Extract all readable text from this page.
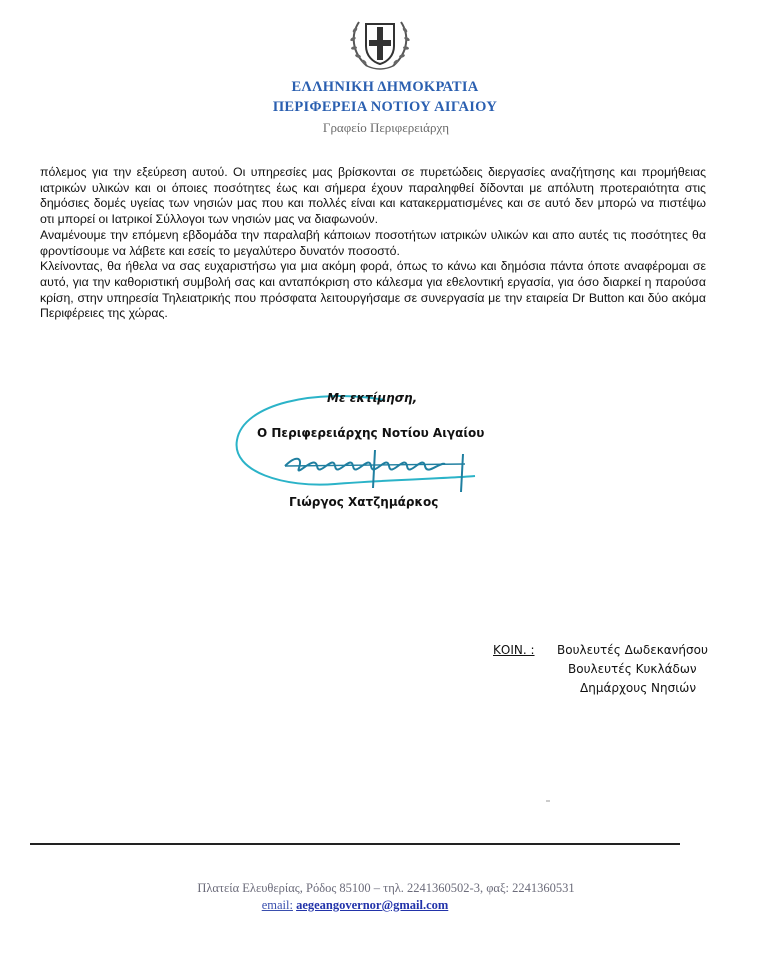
ΕΛΛΗΝΙΚΗ ΔΗΜΟΚΡΑΤΙΑ
ΠΕΡΙΦΕΡΕΙΑ ΝΟΤΙΟΥ ΑΙΓΑΙΟΥ
Γραφείο Περιφερειάρχη

πόλεμος για την εξεύρεση αυτού. Οι υπηρεσίες μας βρίσκονται σε πυρετώδεις διεργασίες αναζήτησης και προμήθειας ιατρικών υλικών και οι όποιες ποσότητες έως και σήμερα έχουν παραληφθεί δίδονται με απόλυτη προτεραιότητα στις δημόσιες δομές υγείας των νησιών μας που και πολλές είναι και κατακερματισμένες και σε αυτό δεν μπορώ να πιστέψω οτι μπορεί οι Ιατρικοί Σύλλογοι των νησιών μας να διαφωνούν.

Αναμένουμε την επόμενη εβδομάδα την παραλαβή κάποιων ποσοτήτων ιατρικών υλικών και απο αυτές τις ποσότητες θα φροντίσουμε να λάβετε και εσείς το μεγαλύτερο δυνατόν ποσοστό.

Κλείνοντας, θα ήθελα να σας ευχαριστήσω για μια ακόμη φορά, όπως το κάνω και δημόσια πάντα όποτε αναφέρομαι σε αυτό, για την καθοριστική συμβολή σας και ανταπόκριση στο κάλεσμα για εθελοντική εργασία, για όσο διαρκεί η παρούσα κρίση, στην υπηρεσία Τηλειατρικής που πρόσφατα λειτουργήσαμε σε συνεργασία με την εταιρεία Dr Button και δύο ακόμα Περιφέρειες της χώρας.

Με εκτίμηση,
Ο Περιφερειάρχης Νοτίου Αιγαίου
Γιώργος Χατζημάρκος
ΚΟΙΝ. : Βουλευτές Δωδεκανήσου
Βουλευτές Κυκλάδων
Δημάρχους Νησιών
Πλατεία Ελευθερίας, Ρόδος 85100 – τηλ. 2241360502-3, φαξ: 2241360531
email: aegeangovernor@gmail.com
